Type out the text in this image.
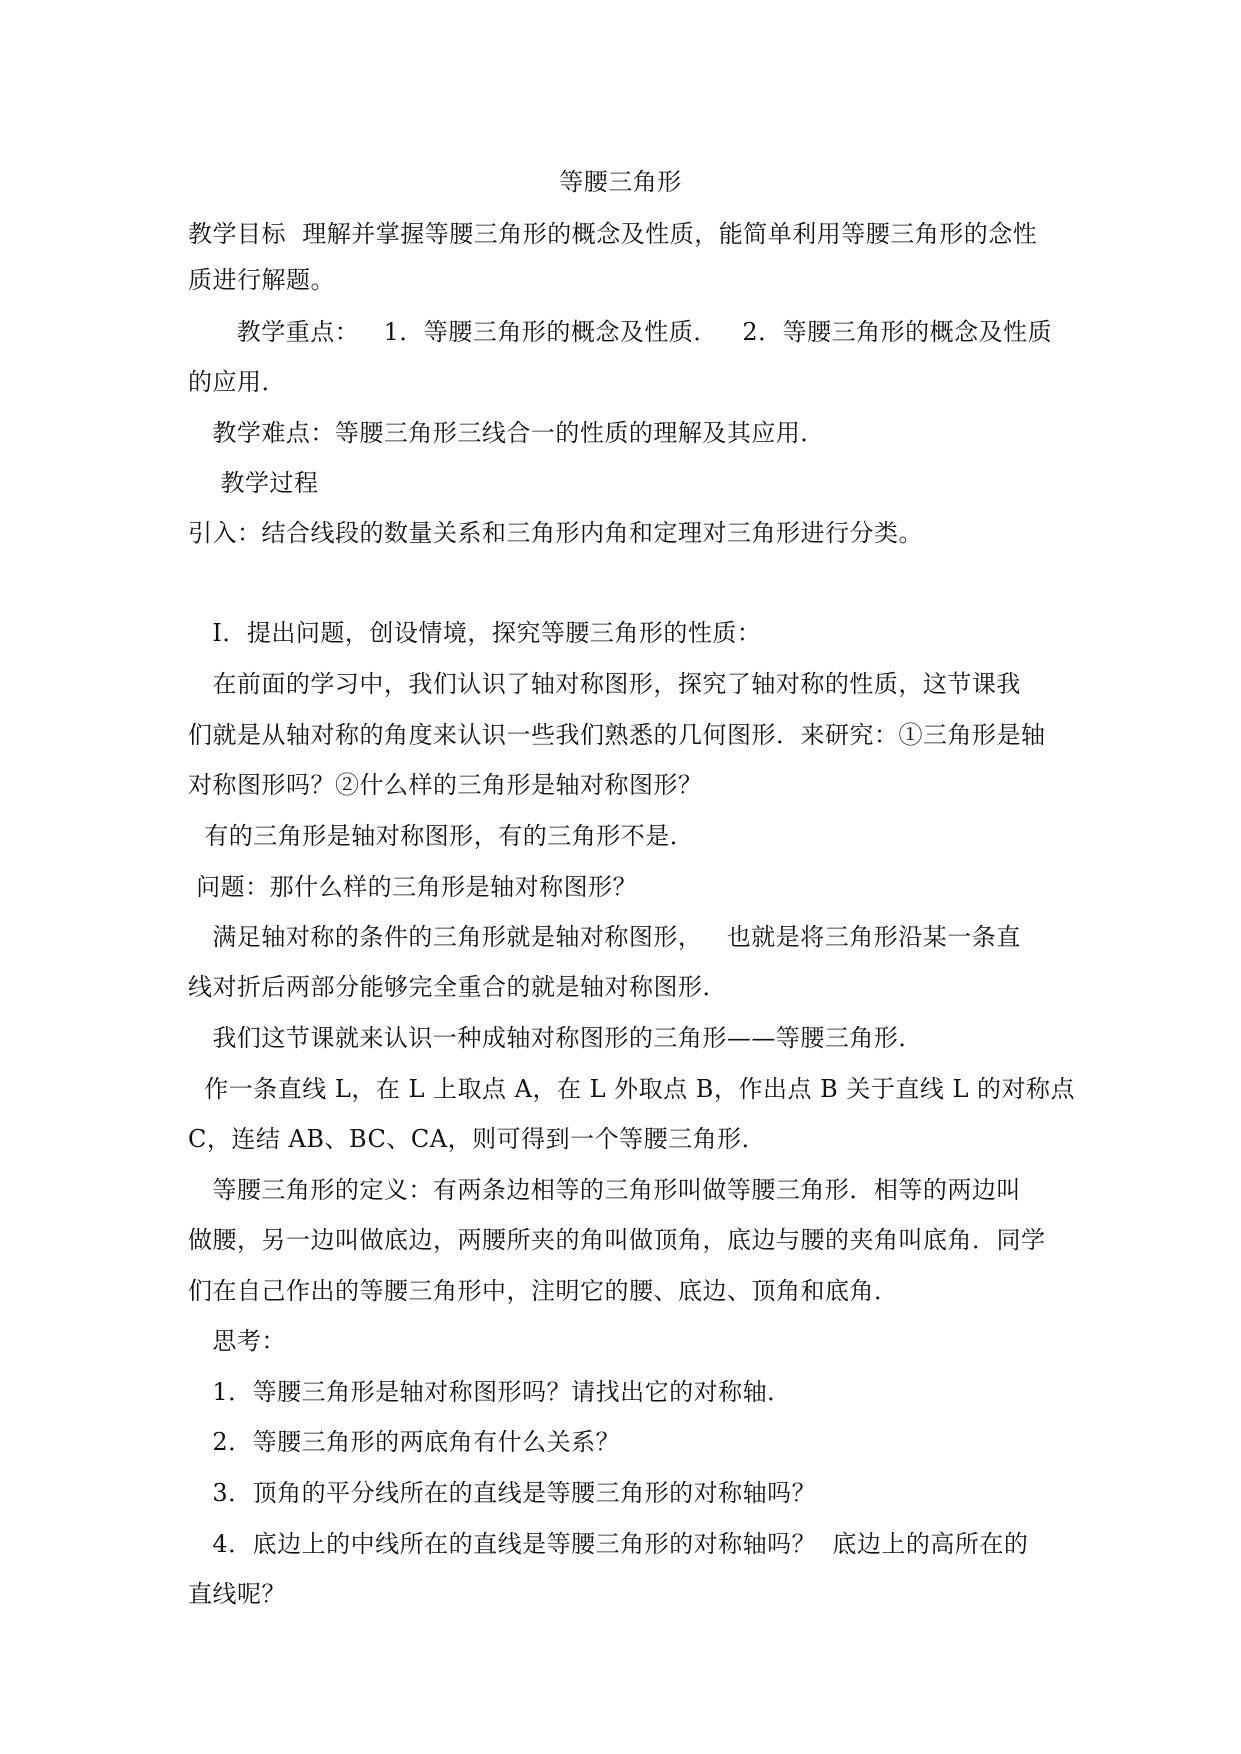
等腰三角形
教学目标  理解并掌握等腰三角形的概念及性质，能简单利用等腰三角形的念性
质进行解题。
教学重点：   1．等腰三角形的概念及性质．   2．等腰三角形的概念及性质
的应用．
教学难点：等腰三角形三线合一的性质的理解及其应用．
教学过程
引入：结合线段的数量关系和三角形内角和定理对三角形进行分类。
Ⅰ．提出问题，创设情境，探究等腰三角形的性质：
在前面的学习中，我们认识了轴对称图形，探究了轴对称的性质，这节课我
们就是从轴对称的角度来认识一些我们熟悉的几何图形．来研究：①三角形是轴
对称图形吗？②什么样的三角形是轴对称图形？
有的三角形是轴对称图形，有的三角形不是．
问题：那什么样的三角形是轴对称图形？
满足轴对称的条件的三角形就是轴对称图形，   也就是将三角形沿某一条直
线对折后两部分能够完全重合的就是轴对称图形．
我们这节课就来认识一种成轴对称图形的三角形——等腰三角形．
作一条直线 L，在 L 上取点 A，在 L 外取点 B，作出点 B 关于直线 L 的对称点
C，连结 AB、BC、CA，则可得到一个等腰三角形．
等腰三角形的定义：有两条边相等的三角形叫做等腰三角形．相等的两边叫
做腰，另一边叫做底边，两腰所夹的角叫做顶角，底边与腰的夹角叫底角．同学
们在自己作出的等腰三角形中，注明它的腰、底边、顶角和底角．
思考：
1．等腰三角形是轴对称图形吗？请找出它的对称轴．
2．等腰三角形的两底角有什么关系？
3．顶角的平分线所在的直线是等腰三角形的对称轴吗？
4．底边上的中线所在的直线是等腰三角形的对称轴吗？  底边上的高所在的
直线呢？
